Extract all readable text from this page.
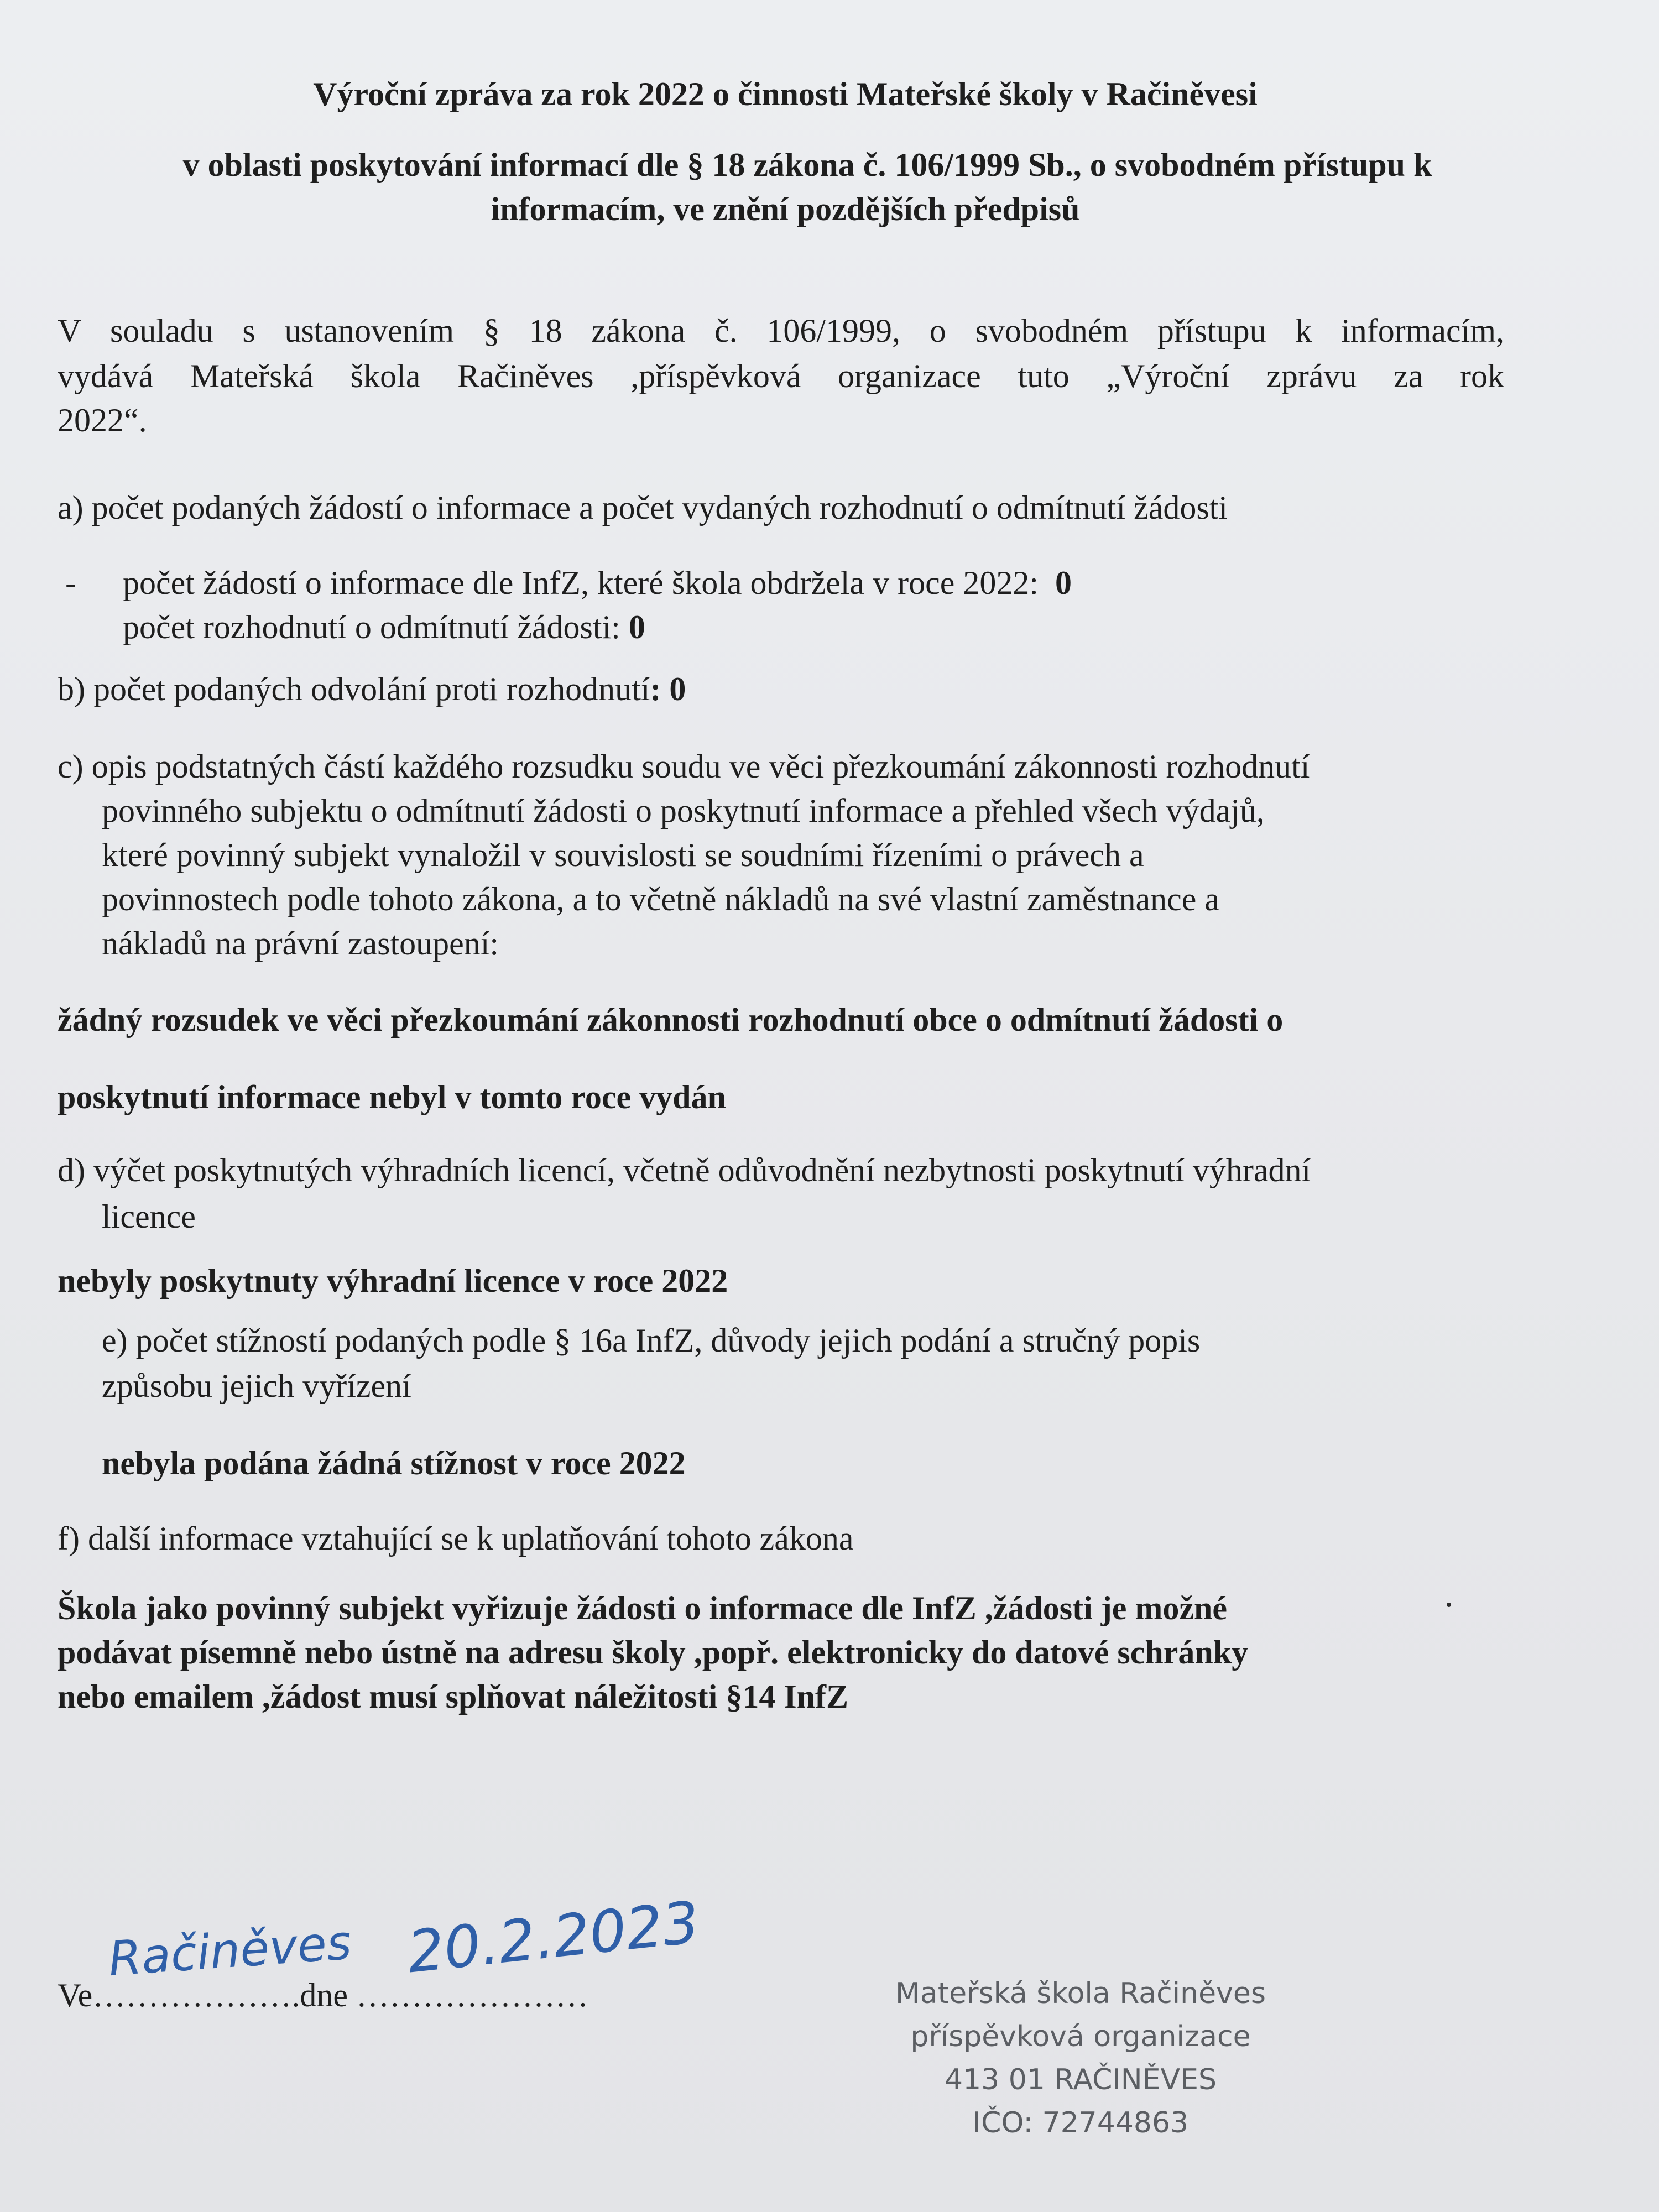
Výroční zpráva za rok 2022 o činnosti Mateřské školy v Račiněvesi
v oblasti poskytování informací dle § 18 zákona č. 106/1999 Sb., o svobodném přístupu k
informacím, ve znění pozdějších předpisů
V souladu s ustanovením § 18 zákona č. 106/1999, o svobodném přístupu k informacím,
vydává Mateřská škola Račiněves ,příspěvková organizace tuto „Výroční zprávu za rok
2022“.
a) počet podaných žádostí o informace a počet vydaných rozhodnutí o odmítnutí žádosti
- počet žádostí o informace dle InfZ, které škola obdržela v roce 2022: 0
počet rozhodnutí o odmítnutí žádosti: 0
b) počet podaných odvolání proti rozhodnutí: 0
c) opis podstatných částí každého rozsudku soudu ve věci přezkoumání zákonnosti rozhodnutí
povinného subjektu o odmítnutí žádosti o poskytnutí informace a přehled všech výdajů,
které povinný subjekt vynaložil v souvislosti se soudními řízeními o právech a
povinnostech podle tohoto zákona, a to včetně nákladů na své vlastní zaměstnance a
nákladů na právní zastoupení:
žádný rozsudek ve věci přezkoumání zákonnosti rozhodnutí obce o odmítnutí žádosti o
poskytnutí informace nebyl v tomto roce vydán
d) výčet poskytnutých výhradních licencí, včetně odůvodnění nezbytnosti poskytnutí výhradní
licence
nebyly poskytnuty výhradní licence v roce 2022
e) počet stížností podaných podle § 16a InfZ, důvody jejich podání a stručný popis
způsobu jejich vyřízení
nebyla podána žádná stížnost v roce 2022
f) další informace vztahující se k uplatňování tohoto zákona
Škola jako povinný subjekt vyřizuje žádosti o informace dle InfZ ,žádosti je možné
podávat písemně nebo ústně na adresu školy ,popř. elektronicky do datové schránky
nebo emailem ,žádost musí splňovat náležitosti §14 InfZ
Ve……………….dne …………………
Račiněves 20.2.2023
Mateřská škola Račiněves
příspěvková organizace
413 01 RAČINĚVES
IČO: 72744863
